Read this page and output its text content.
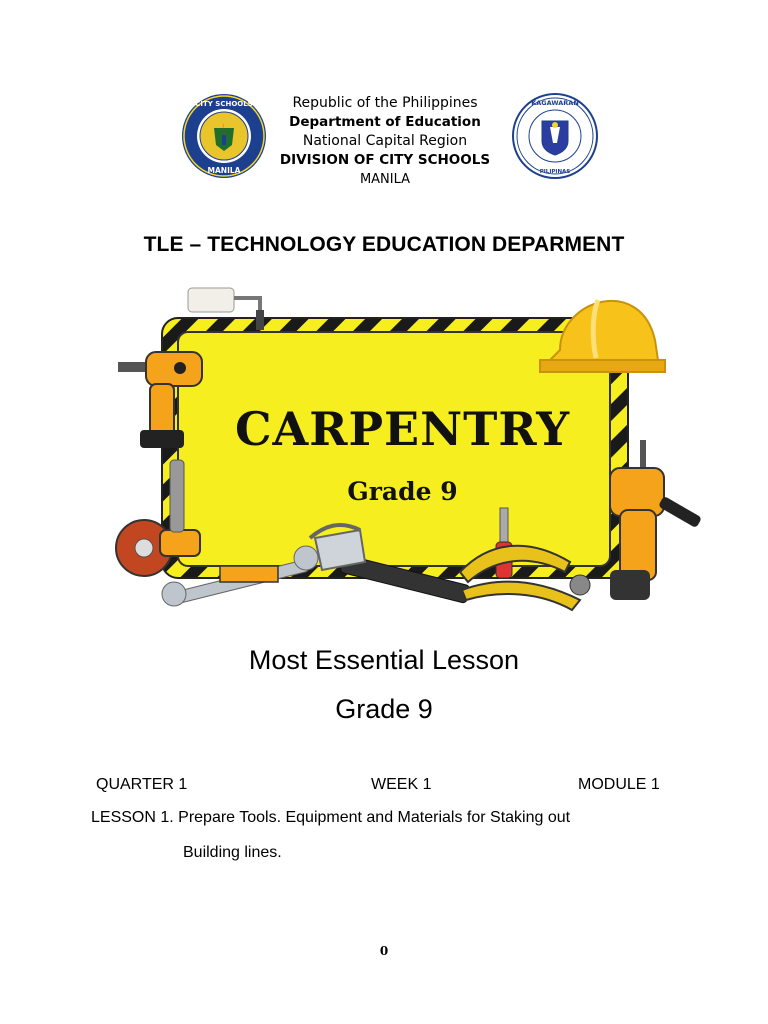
CITY SCHOOLS
MANILA
Republic of the Philippines
Department of Education
National Capital Region
DIVISION OF CITY SCHOOLS
MANILA
KAGAWARAN
PILIPINAS
TLE – TECHNOLOGY EDUCATION DEPARMENT
CARPENTRY
Grade 9
Most Essential Lesson
Grade 9
QUARTER 1	WEEK 1	MODULE 1
LESSON 1. Prepare Tools. Equipment and Materials for Staking out
Building lines.
0
